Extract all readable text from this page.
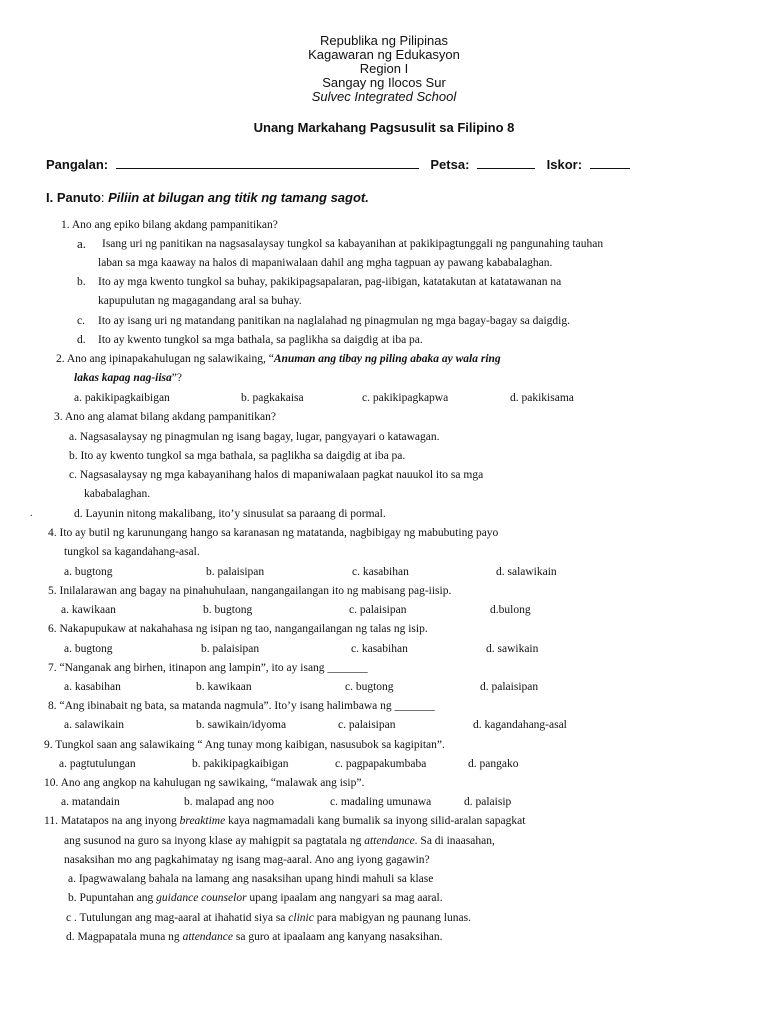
Republika ng Pilipinas
Kagawaran ng Edukasyon
Region I
Sangay ng Ilocos Sur
Sulvec Integrated School
Unang Markahang Pagsusulit sa Filipino 8
Pangalan:	Petsa:	Iskor:
I. Panuto: Piliin at bilugan ang titik ng tamang sagot.
1. Ano ang epiko bilang akdang pampanitikan?
a. Isang uri ng panitikan na nagsasalaysay tungkol sa kabayanihan at pakikipagtunggali ng pangunahing tauhan
laban sa mga kaaway na halos di mapaniwalaan dahil ang mgha tagpuan ay pawang kababalaghan.
b. Ito ay mga kwento tungkol sa buhay, pakikipagsapalaran, pag-iibigan, katatakutan at katatawanan na
kapupulutan ng magagandang aral sa buhay.
c. Ito ay isang uri ng matandang panitikan na naglalahad ng pinagmulan ng mga bagay-bagay sa daigdig.
d. Ito ay kwento tungkol sa mga bathala, sa paglikha sa daigdig at iba pa.
2. Ano ang ipinapakahulugan ng salawikaing, “Anuman ang tibay ng piling abaka ay wala ring
lakas kapag nag-iisa”?
a. pakikipagkaibigan	b. pagkakaisa	c. pakikipagkapwa	d. pakikisama
3. Ano ang alamat bilang akdang pampanitikan?
a. Nagsasalaysay ng pinagmulan ng isang bagay, lugar, pangyayari o katawagan.
b. Ito ay kwento tungkol sa mga bathala, sa paglikha sa daigdig at iba pa.
c. Nagsasalaysay ng mga kabayanihang halos di mapaniwalaan pagkat nauukol ito sa mga
kababalaghan.
d. Layunin nitong makalibang, ito’y sinusulat sa paraang di pormal.
.
4. Ito ay butil ng karunungang hango sa karanasan ng matatanda, nagbibigay ng mabubuting payo
tungkol sa kagandahang-asal.
a. bugtong	b. palaisipan	c. kasabihan	d. salawikain
5. Inilalarawan ang bagay na pinahuhulaan, nangangailangan ito ng mabisang pag-iisip.
a. kawikaan	b. bugtong	c. palaisipan	d.bulong
6. Nakapupukaw at nakahahasa ng isipan ng tao, nangangailangan ng talas ng isip.
a. bugtong	b. palaisipan	c. kasabihan	d. sawikain
7. “Nanganak ang birhen, itinapon ang lampin”, ito ay isang _______
a. kasabihan	b. kawikaan	c. bugtong	d. palaisipan
8. “Ang ibinabait ng bata, sa matanda nagmula”. Ito’y isang halimbawa ng _______
a. salawikain	b. sawikain/idyoma	c. palaisipan	d. kagandahang-asal
9. Tungkol saan ang salawikaing “ Ang tunay mong kaibigan, nasusubok sa kagipitan”.
a. pagtutulungan	b. pakikipagkaibigan	c. pagpapakumbaba	d. pangako
10. Ano ang angkop na kahulugan ng sawikaing, “malawak ang isip”.
a. matandain	b. malapad ang noo	c. madaling umunawa	d. palaisip
11. Matatapos na ang inyong breaktime kaya nagmamadali kang bumalik sa inyong silid-aralan sapagkat
ang susunod na guro sa inyong klase ay mahigpit sa pagtatala ng attendance. Sa di inaasahan,
nasaksihan mo ang pagkahimatay ng isang mag-aaral. Ano ang iyong gagawin?
a. Ipagwawalang bahala na lamang ang nasaksihan upang hindi mahuli sa klase
b. Pupuntahan ang guidance counselor upang ipaalam ang nangyari sa mag aaral.
c . Tutulungan ang mag-aaral at ihahatid siya sa clinic para mabigyan ng paunang lunas.
d. Magpapatala muna ng attendance sa guro at ipaalaam ang kanyang nasaksihan.
